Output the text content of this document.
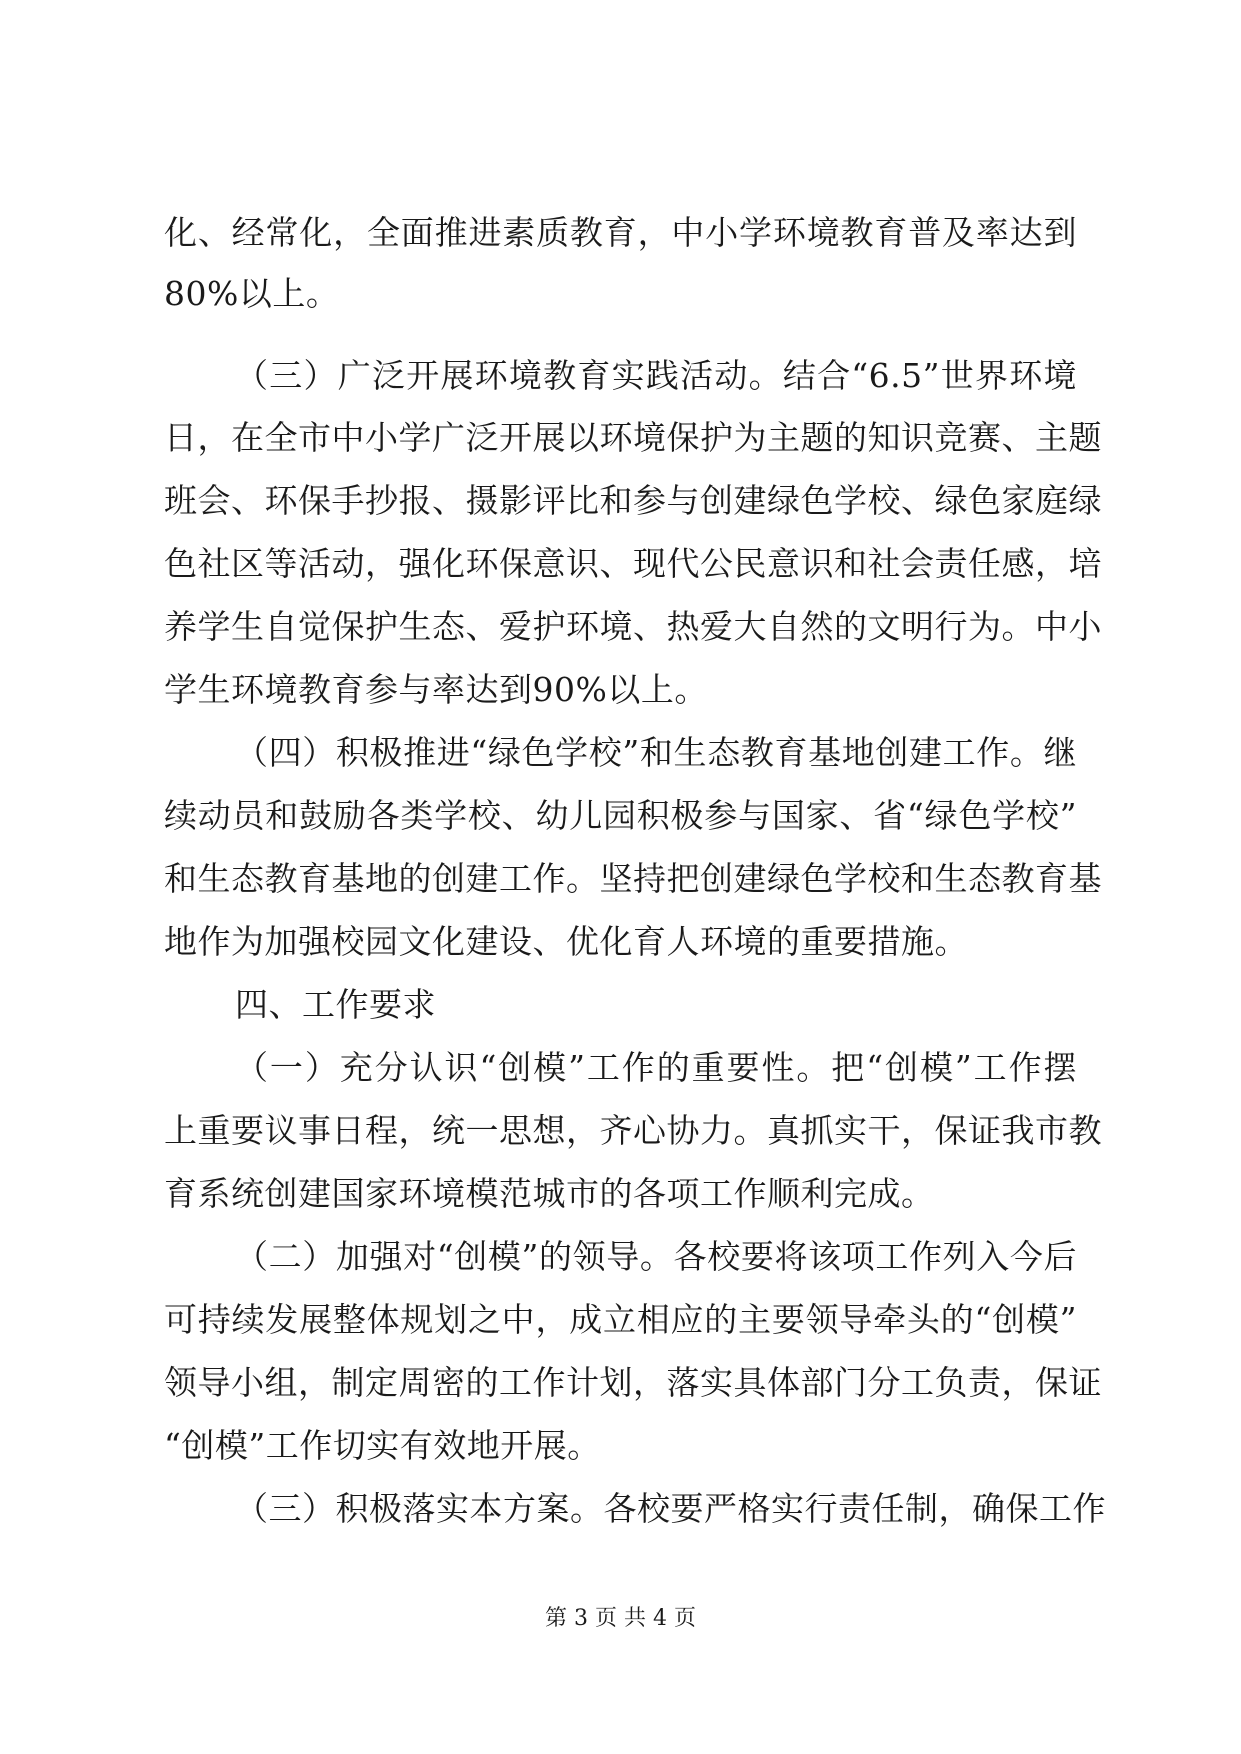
化、经常化，全面推进素质教育，中小学环境教育普及率达到
80%以上。
（三）广泛开展环境教育实践活动。结合“6.5”世界环境
日，在全市中小学广泛开展以环境保护为主题的知识竞赛、主题
班会、环保手抄报、摄影评比和参与创建绿色学校、绿色家庭绿
色社区等活动，强化环保意识、现代公民意识和社会责任感，培
养学生自觉保护生态、爱护环境、热爱大自然的文明行为。中小
学生环境教育参与率达到90%以上。
（四）积极推进“绿色学校”和生态教育基地创建工作。继
续动员和鼓励各类学校、幼儿园积极参与国家、省“绿色学校”
和生态教育基地的创建工作。坚持把创建绿色学校和生态教育基
地作为加强校园文化建设、优化育人环境的重要措施。
四、工作要求
（一）充分认识“创模”工作的重要性。把“创模”工作摆
上重要议事日程，统一思想，齐心协力。真抓实干，保证我市教
育系统创建国家环境模范城市的各项工作顺利完成。
（二）加强对“创模”的领导。各校要将该项工作列入今后
可持续发展整体规划之中，成立相应的主要领导牵头的“创模”
领导小组，制定周密的工作计划，落实具体部门分工负责，保证
“创模”工作切实有效地开展。
（三）积极落实本方案。各校要严格实行责任制，确保工作
第 3 页 共 4 页
